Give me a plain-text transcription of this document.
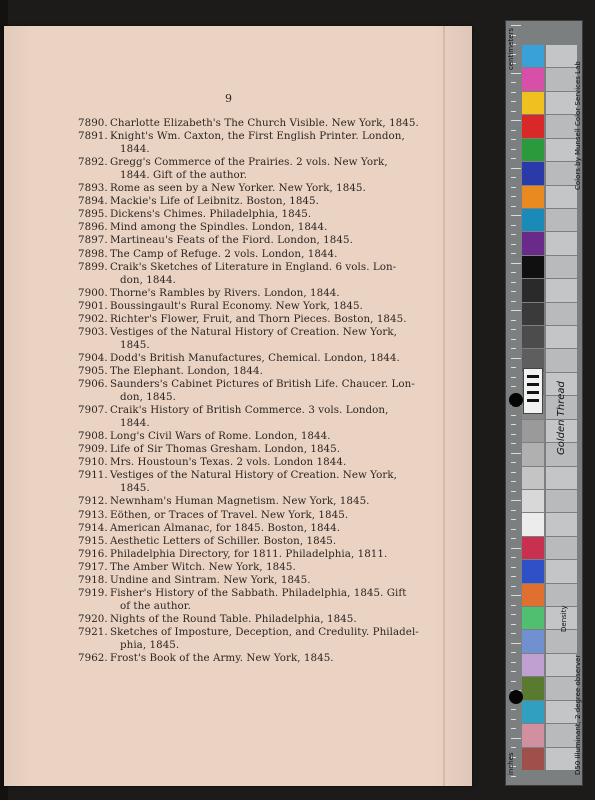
9
7890. Charlotte Elizabeth's The Church Visible. New York, 1845.
7891. Knight's Wm. Caxton, the First English Printer. London,
1844.
7892. Gregg's Commerce of the Prairies. 2 vols. New York,
1844. Gift of the author.
7893. Rome as seen by a New Yorker. New York, 1845.
7894. Mackie's Life of Leibnitz. Boston, 1845.
7895. Dickens's Chimes. Philadelphia, 1845.
7896. Mind among the Spindles. London, 1844.
7897. Martineau's Feats of the Fiord. London, 1845.
7898. The Camp of Refuge. 2 vols. London, 1844.
7899. Craik's Sketches of Literature in England. 6 vols. Lon-
don, 1844.
7900. Thorne's Rambles by Rivers. London, 1844.
7901. Boussingault's Rural Economy. New York, 1845.
7902. Richter's Flower, Fruit, and Thorn Pieces. Boston, 1845.
7903. Vestiges of the Natural History of Creation. New York,
1845.
7904. Dodd's British Manufactures, Chemical. London, 1844.
7905. The Elephant. London, 1844.
7906. Saunders's Cabinet Pictures of British Life. Chaucer. Lon-
don, 1845.
7907. Craik's History of British Commerce. 3 vols. London,
1844.
7908. Long's Civil Wars of Rome. London, 1844.
7909. Life of Sir Thomas Gresham. London, 1845.
7910. Mrs. Houstoun's Texas. 2 vols. London 1844.
7911. Vestiges of the Natural History of Creation. New York,
1845.
7912. Newnham's Human Magnetism. New York, 1845.
7913. Eöthen, or Traces of Travel. New York, 1845.
7914. American Almanac, for 1845. Boston, 1844.
7915. Aesthetic Letters of Schiller. Boston, 1845.
7916. Philadelphia Directory, for 1811. Philadelphia, 1811.
7917. The Amber Witch. New York, 1845.
7918. Undine and Sintram. New York, 1845.
7919. Fisher's History of the Sabbath. Philadelphia, 1845. Gift
of the author.
7920. Nights of the Round Table. Philadelphia, 1845.
7921. Sketches of Imposture, Deception, and Credulity. Philadel-
phia, 1845.
7962. Frost's Book of the Army. New York, 1845.
Golden Thread
Colors by Munsell Color Services Lab
D50 Illuminant, 2 degree observer
Density
inches
centimeters
